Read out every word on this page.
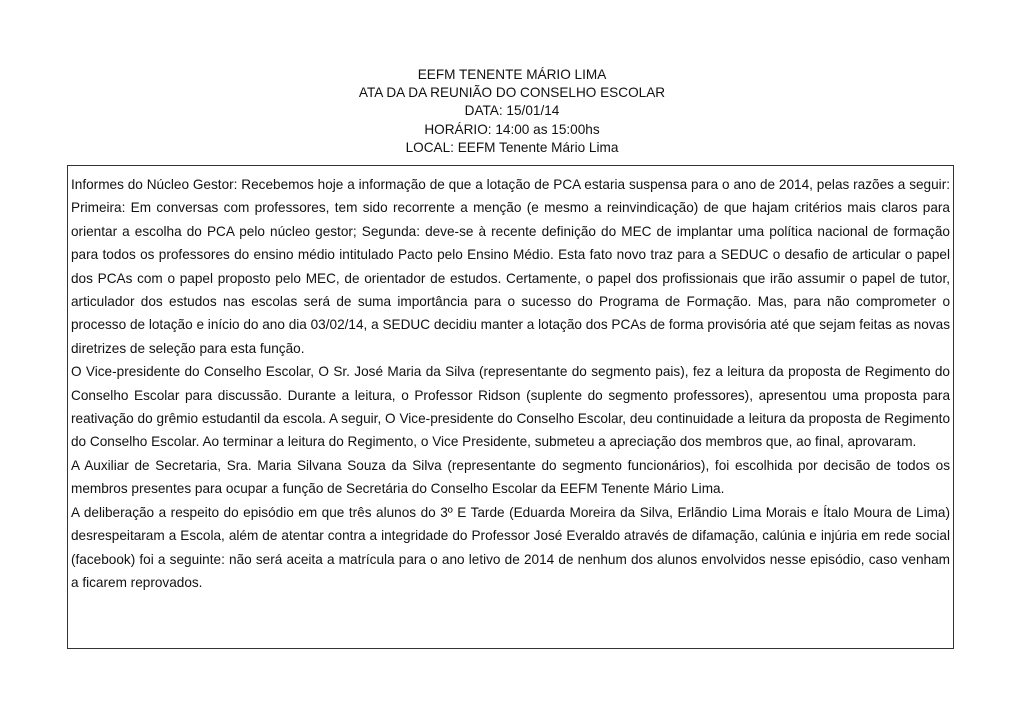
EEFM TENENTE MÁRIO LIMA
ATA DA DA REUNIÃO DO CONSELHO ESCOLAR
DATA: 15/01/14
HORÁRIO: 14:00 as 15:00hs
LOCAL: EEFM Tenente Mário Lima

Informes do Núcleo Gestor: Recebemos hoje a informação de que a lotação de PCA estaria suspensa para o ano de 2014, pelas razões a seguir: Primeira: Em conversas com professores, tem sido recorrente a menção (e mesmo a reinvindicação) de que hajam critérios mais claros para orientar a escolha do PCA pelo núcleo gestor; Segunda: deve-se à recente definição do MEC de implantar uma política nacional de formação para todos os professores do ensino médio intitulado Pacto pelo Ensino Médio. Esta fato novo traz para a SEDUC o desafio de articular o papel dos PCAs com o papel proposto pelo MEC, de orientador de estudos. Certamente, o papel dos profissionais que irão assumir o papel de tutor, articulador dos estudos nas escolas será de suma importância para o sucesso do Programa de Formação. Mas, para não comprometer o processo de lotação e início do ano dia 03/02/14, a SEDUC decidiu manter a lotação dos PCAs de forma provisória até que sejam feitas as novas diretrizes de seleção para esta função.

O Vice-presidente do Conselho Escolar, O Sr. José Maria da Silva (representante do segmento pais), fez a leitura da proposta de Regimento do Conselho Escolar para discussão. Durante a leitura, o Professor Ridson (suplente do segmento professores), apresentou uma proposta para reativação do grêmio estudantil da escola. A seguir, O Vice-presidente do Conselho Escolar, deu continuidade a leitura da proposta de Regimento do Conselho Escolar. Ao terminar a leitura do Regimento, o Vice Presidente, submeteu a apreciação dos membros que, ao final, aprovaram.

A Auxiliar de Secretaria, Sra. Maria Silvana Souza da Silva (representante do segmento funcionários), foi escolhida por decisão de todos os membros presentes para ocupar a função de Secretária do Conselho Escolar da EEFM Tenente Mário Lima.

A deliberação a respeito do episódio em que três alunos do 3º E Tarde (Eduarda Moreira da Silva, Erlãndio Lima Morais e Ítalo Moura de Lima) desrespeitaram a Escola, além de atentar contra a integridade do Professor José Everaldo através de difamação, calúnia e injúria em rede social (facebook) foi a seguinte: não será aceita a matrícula para o ano letivo de 2014 de nenhum dos alunos envolvidos nesse episódio, caso venham a ficarem reprovados.
